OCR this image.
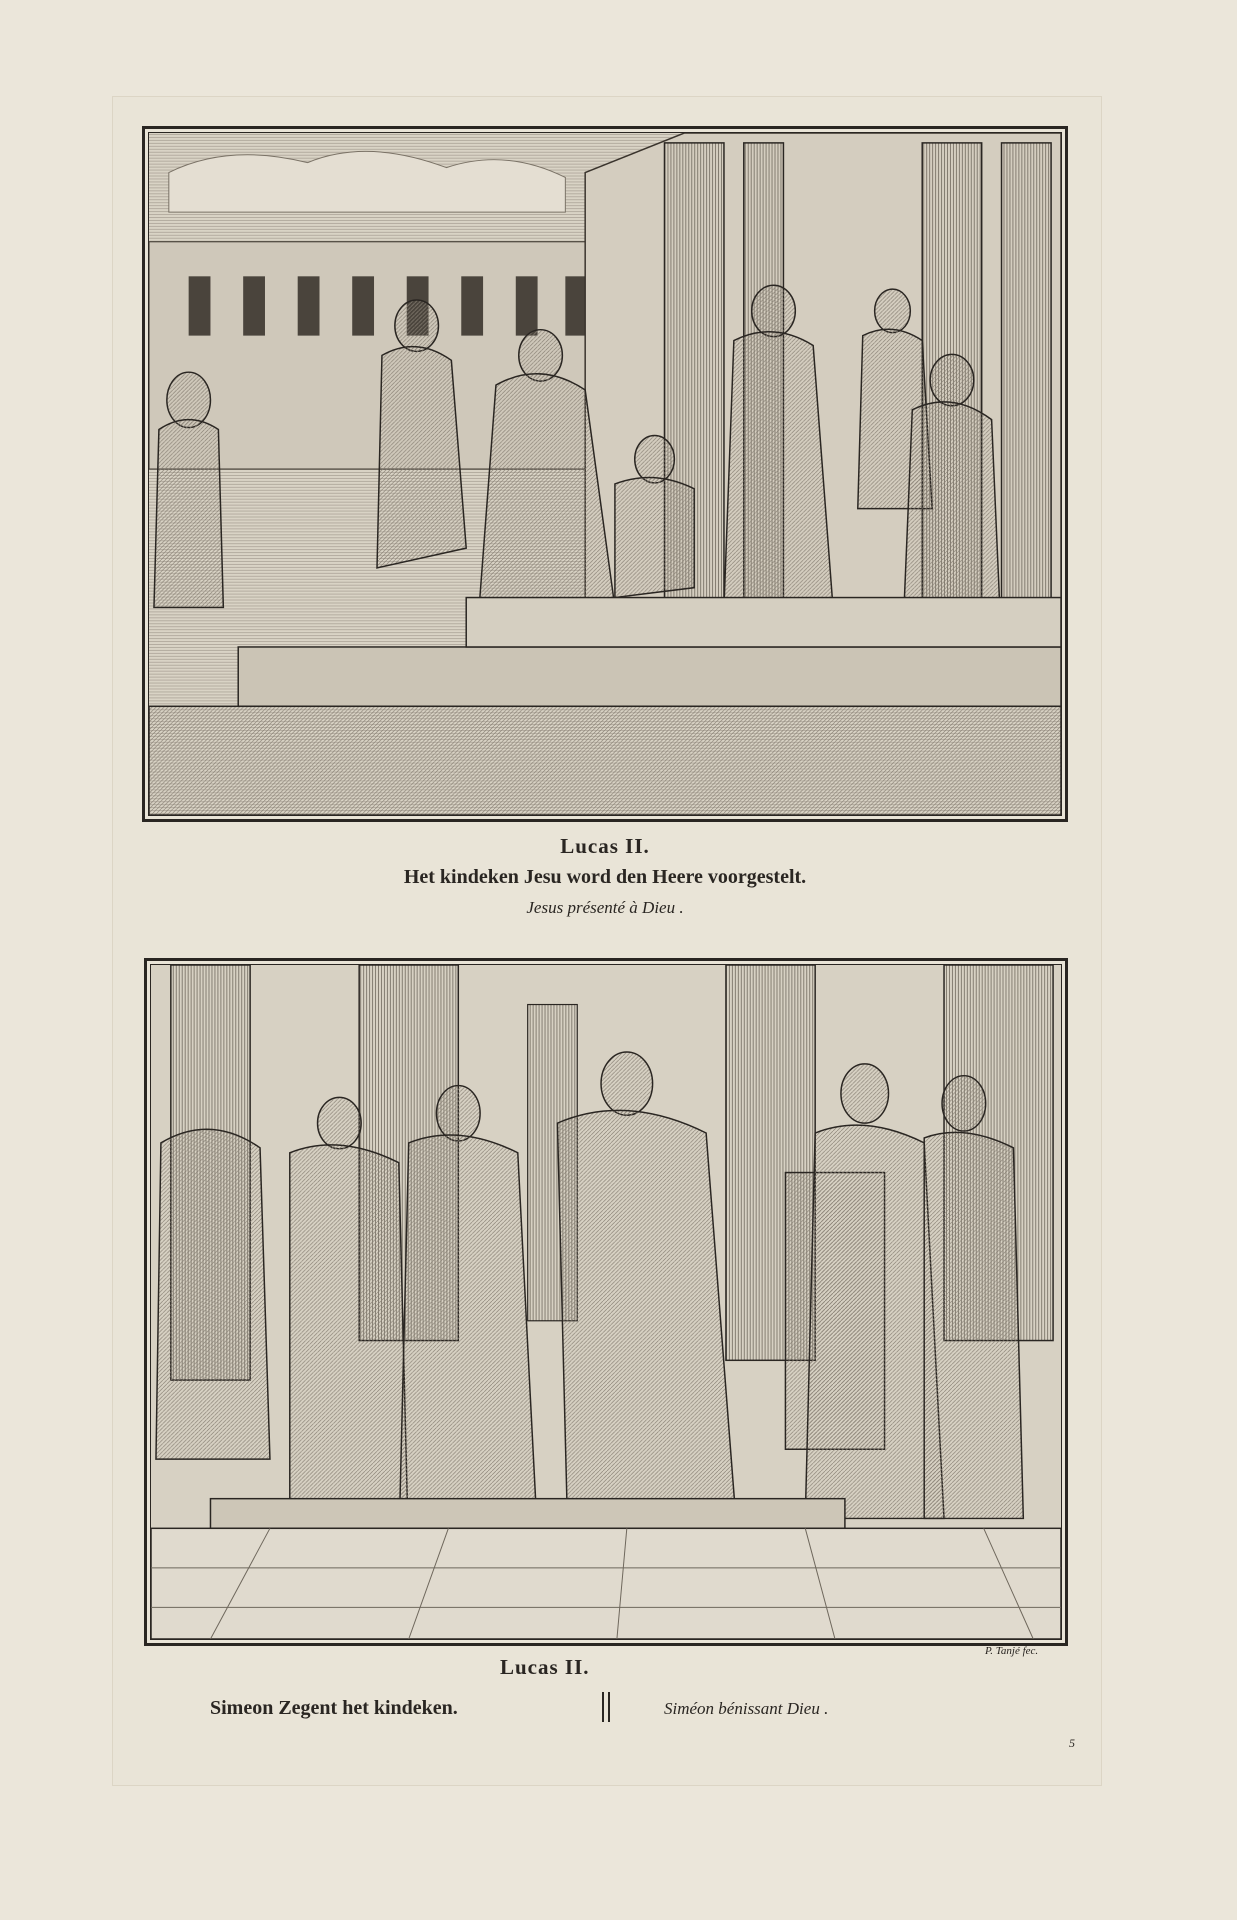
Lucas II.
Het kindeken Jesu word den Heere voorgestelt.
Jesus présenté à Dieu .
P. Tanjé fec.
Lucas II.
Simeon Zegent het kindeken.	Siméon bénissant Dieu .
5
